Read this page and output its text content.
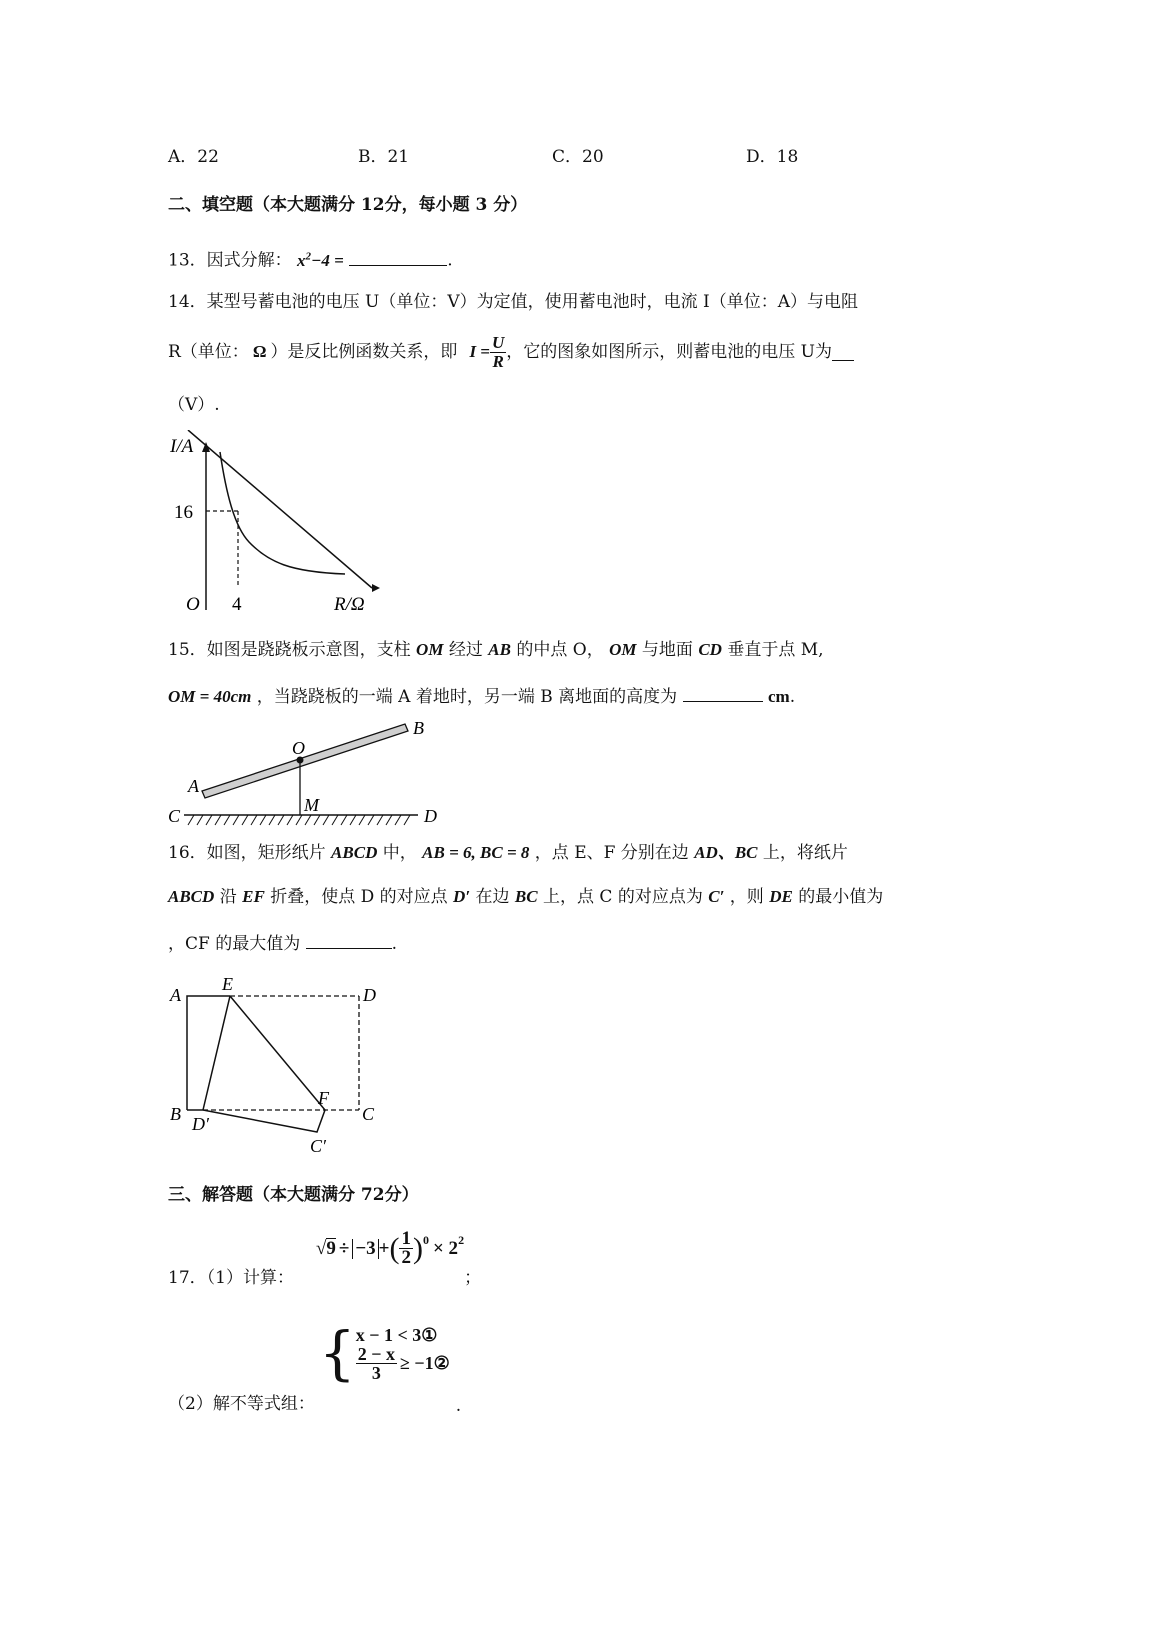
A．22	B．21	C．20	D．18
二、填空题（本大题满分 12分，每小题 3 分）
13．因式分解： $x^2-4$ =	.
14．某型号蓄电池的电压 U（单位：V）为定值，使用蓄电池时，电流 I（单位：A）与电阻
R（单位： Ω ）是反比例函数关系，即 $I = \frac{U}{R}$ ，它的图象如图所示，则蓄电池的电压 U为
（V）.
I/A
16
O 4	R/Ω
15．如图是跷跷板示意图，支柱 OM 经过 AB 的中点 O， OM 与地面 CD 垂直于点 M,
OM = 40cm ，当跷跷板的一端 A 着地时，另一端 B 离地面的高度为	cm.
A
B
O
M
C	D
16．如图，矩形纸片 ABCD 中， AB = 6, BC = 8 ，点 E、F 分别在边 AD、BC 上，将纸片
ABCD 沿 EF 折叠，使点 D 的对应点 D′ 在边 BC 上，点 C 的对应点为 C′ ，则 DE 的最小值为
，CF 的最大值为	.
A
E
D
B D′
F
C
C′
三、解答题（本大题满分 72分）
17．（1）计算：
√ 9 ÷ −3 + ( $\frac{1}{2} )^0 \times 2^2$
；
（2）解不等式组：
{ x − 1 < 3①
$\frac{2 - x}{3}$ ≥ −1②
.
